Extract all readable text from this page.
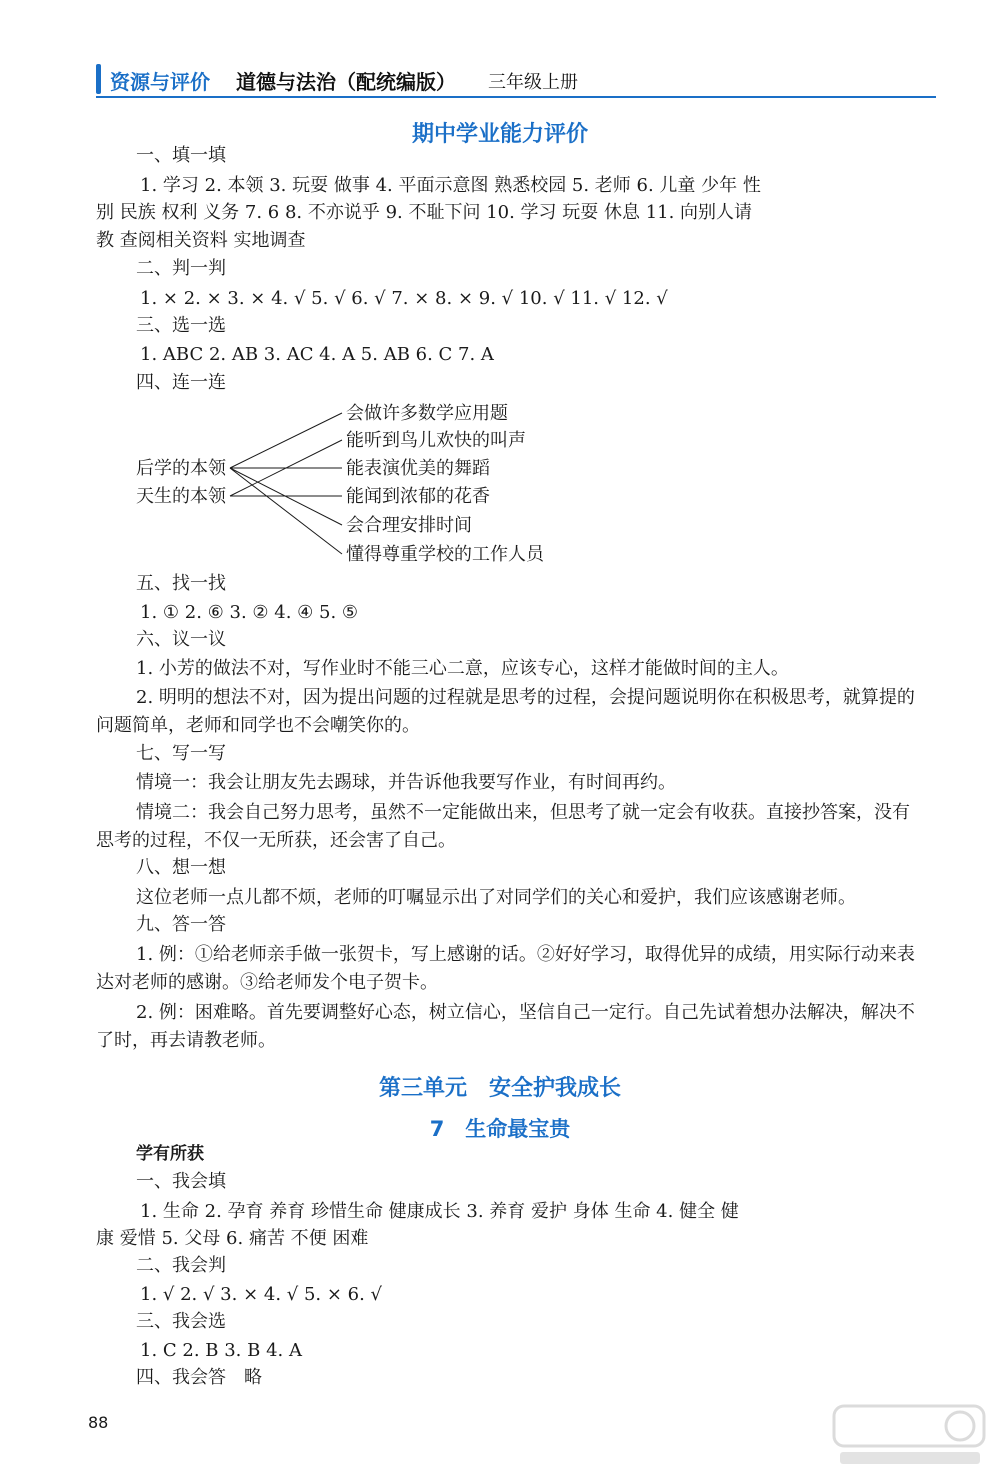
资源与评价 道德与法治（配统编版） 三年级上册
期中学业能力评价
一、填一填
1. 学习 2. 本领 3. 玩耍 做事 4. 平面示意图 熟悉校园 5. 老师 6. 儿童 少年 性
别 民族 权利 义务 7. 6 8. 不亦说乎 9. 不耻下问 10. 学习 玩耍 休息 11. 向别人请
教 查阅相关资料 实地调查
二、判一判
1. × 2. × 3. × 4. √ 5. √ 6. √ 7. × 8. × 9. √ 10. √ 11. √ 12. √
三、选一选
1. ABC 2. AB 3. AC 4. A 5. AB 6. C 7. A
四、连一连
后学的本领
天生的本领
会做许多数学应用题
能听到鸟儿欢快的叫声
能表演优美的舞蹈
能闻到浓郁的花香
会合理安排时间
懂得尊重学校的工作人员
五、找一找
1. ① 2. ⑥ 3. ② 4. ④ 5. ⑤
六、议一议
1. 小芳的做法不对，写作业时不能三心二意，应该专心，这样才能做时间的主人。
2. 明明的想法不对，因为提出问题的过程就是思考的过程，会提问题说明你在积极思考，就算提的
问题简单，老师和同学也不会嘲笑你的。
七、写一写
情境一：我会让朋友先去踢球，并告诉他我要写作业，有时间再约。
情境二：我会自己努力思考，虽然不一定能做出来，但思考了就一定会有收获。直接抄答案，没有
思考的过程，不仅一无所获，还会害了自己。
八、想一想
这位老师一点儿都不烦，老师的叮嘱显示出了对同学们的关心和爱护，我们应该感谢老师。
九、答一答
1. 例：①给老师亲手做一张贺卡，写上感谢的话。②好好学习，取得优异的成绩，用实际行动来表
达对老师的感谢。③给老师发个电子贺卡。
2. 例：困难略。首先要调整好心态，树立信心，坚信自己一定行。自己先试着想办法解决，解决不
了时，再去请教老师。
第三单元　安全护我成长
7　生命最宝贵
学有所获
一、我会填
1. 生命 2. 孕育 养育 珍惜生命 健康成长 3. 养育 爱护 身体 生命 4. 健全 健
康 爱惜 5. 父母 6. 痛苦 不便 困难
二、我会判
1. √ 2. √ 3. × 4. √ 5. × 6. √
三、我会选
1. C 2. B 3. B 4. A
四、我会答　略
88
